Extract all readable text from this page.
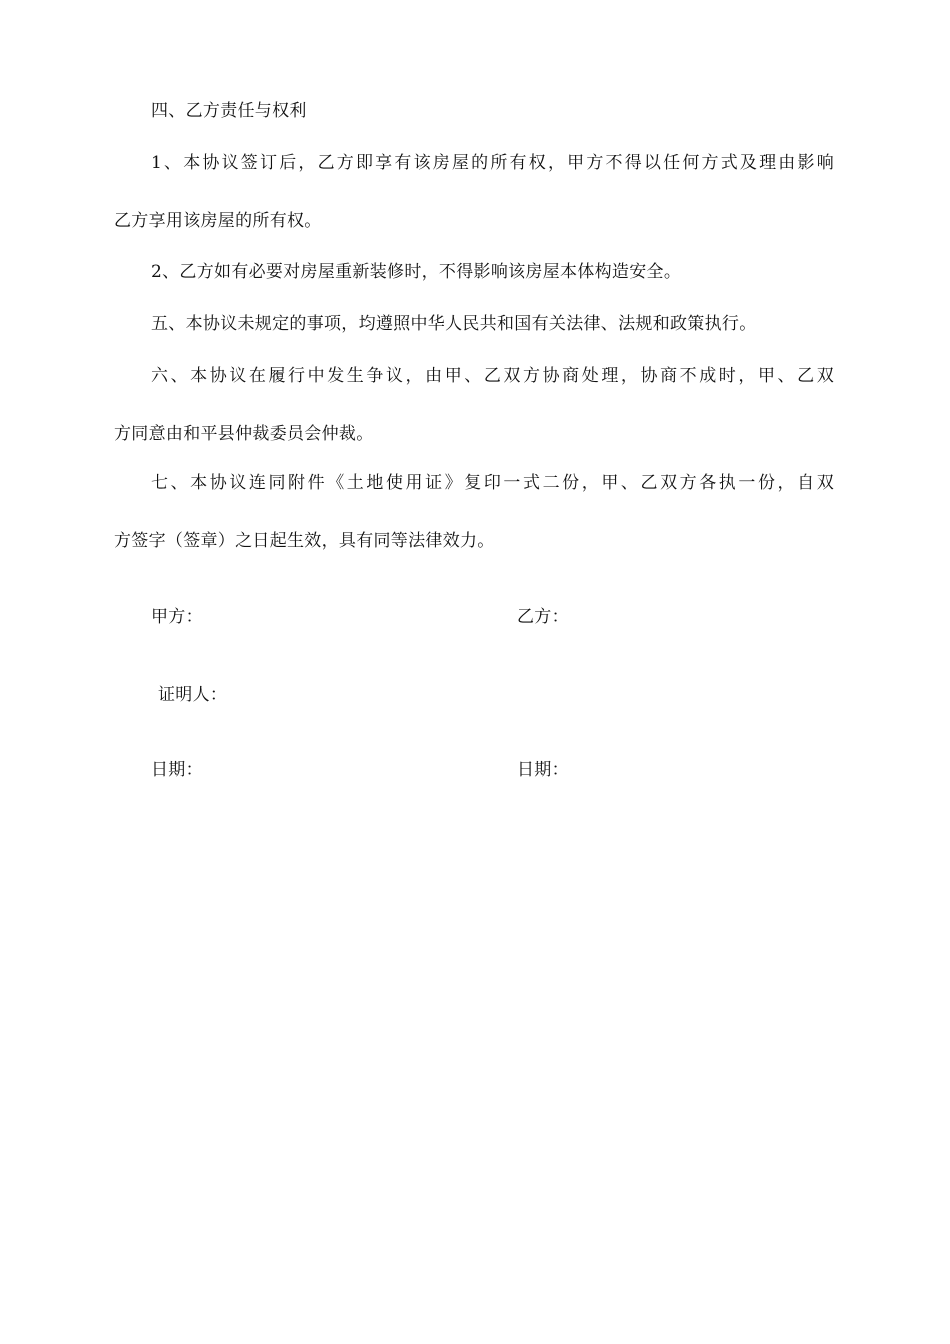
四、乙方责任与权利
1、本协议签订后，乙方即享有该房屋的所有权，甲方不得以任何方式及理由影响
乙方享用该房屋的所有权。
2、乙方如有必要对房屋重新装修时，不得影响该房屋本体构造安全。
五、本协议未规定的事项，均遵照中华人民共和国有关法律、法规和政策执行。
六、本协议在履行中发生争议，由甲、乙双方协商处理，协商不成时，甲、乙双
方同意由和平县仲裁委员会仲裁。
七、本协议连同附件《土地使用证》复印一式二份，甲、乙双方各执一份，自双
方签字（签章）之日起生效，具有同等法律效力。
甲方：	乙方：
证明人：
日期：	日期：
